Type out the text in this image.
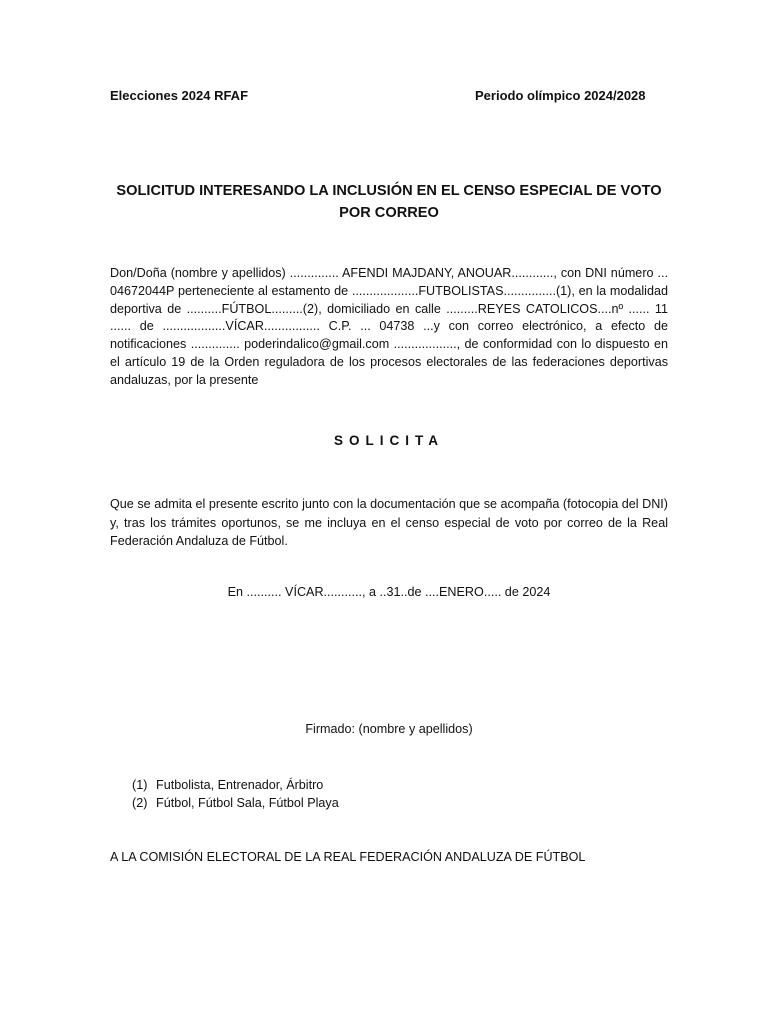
Elecciones 2024 RFAF	Periodo olímpico 2024/2028

SOLICITUD INTERESANDO LA INCLUSIÓN EN EL CENSO ESPECIAL DE VOTO POR CORREO

Don/Doña (nombre y apellidos) .............. AFENDI MAJDANY, ANOUAR............, con DNI número ... 04672044P perteneciente al estamento de ...................FUTBOLISTAS...............(1), en la modalidad deportiva de ..........FÚTBOL.........(2), domiciliado en calle .........REYES CATOLICOS....nº ...... 11 ...... de ..................VÍCAR................ C.P. ... 04738 ...y con correo electrónico, a efecto de notificaciones .............. poderindalico@gmail.com .................., de conformidad con lo dispuesto en el artículo 19 de la Orden reguladora de los procesos electorales de las federaciones deportivas andaluzas, por la presente

SOLICITA

Que se admita el presente escrito junto con la documentación que se acompaña (fotocopia del DNI) y, tras los trámites oportunos, se me incluya en el censo especial de voto por correo de la Real Federación Andaluza de Fútbol.

En .......... VÍCAR..........., a ..31..de ....ENERO..... de 2024

Firmado: (nombre y apellidos)

(1) Futbolista, Entrenador, Árbitro
(2) Fútbol, Fútbol Sala, Fútbol Playa

A LA COMISIÓN ELECTORAL DE LA REAL FEDERACIÓN ANDALUZA DE FÚTBOL
